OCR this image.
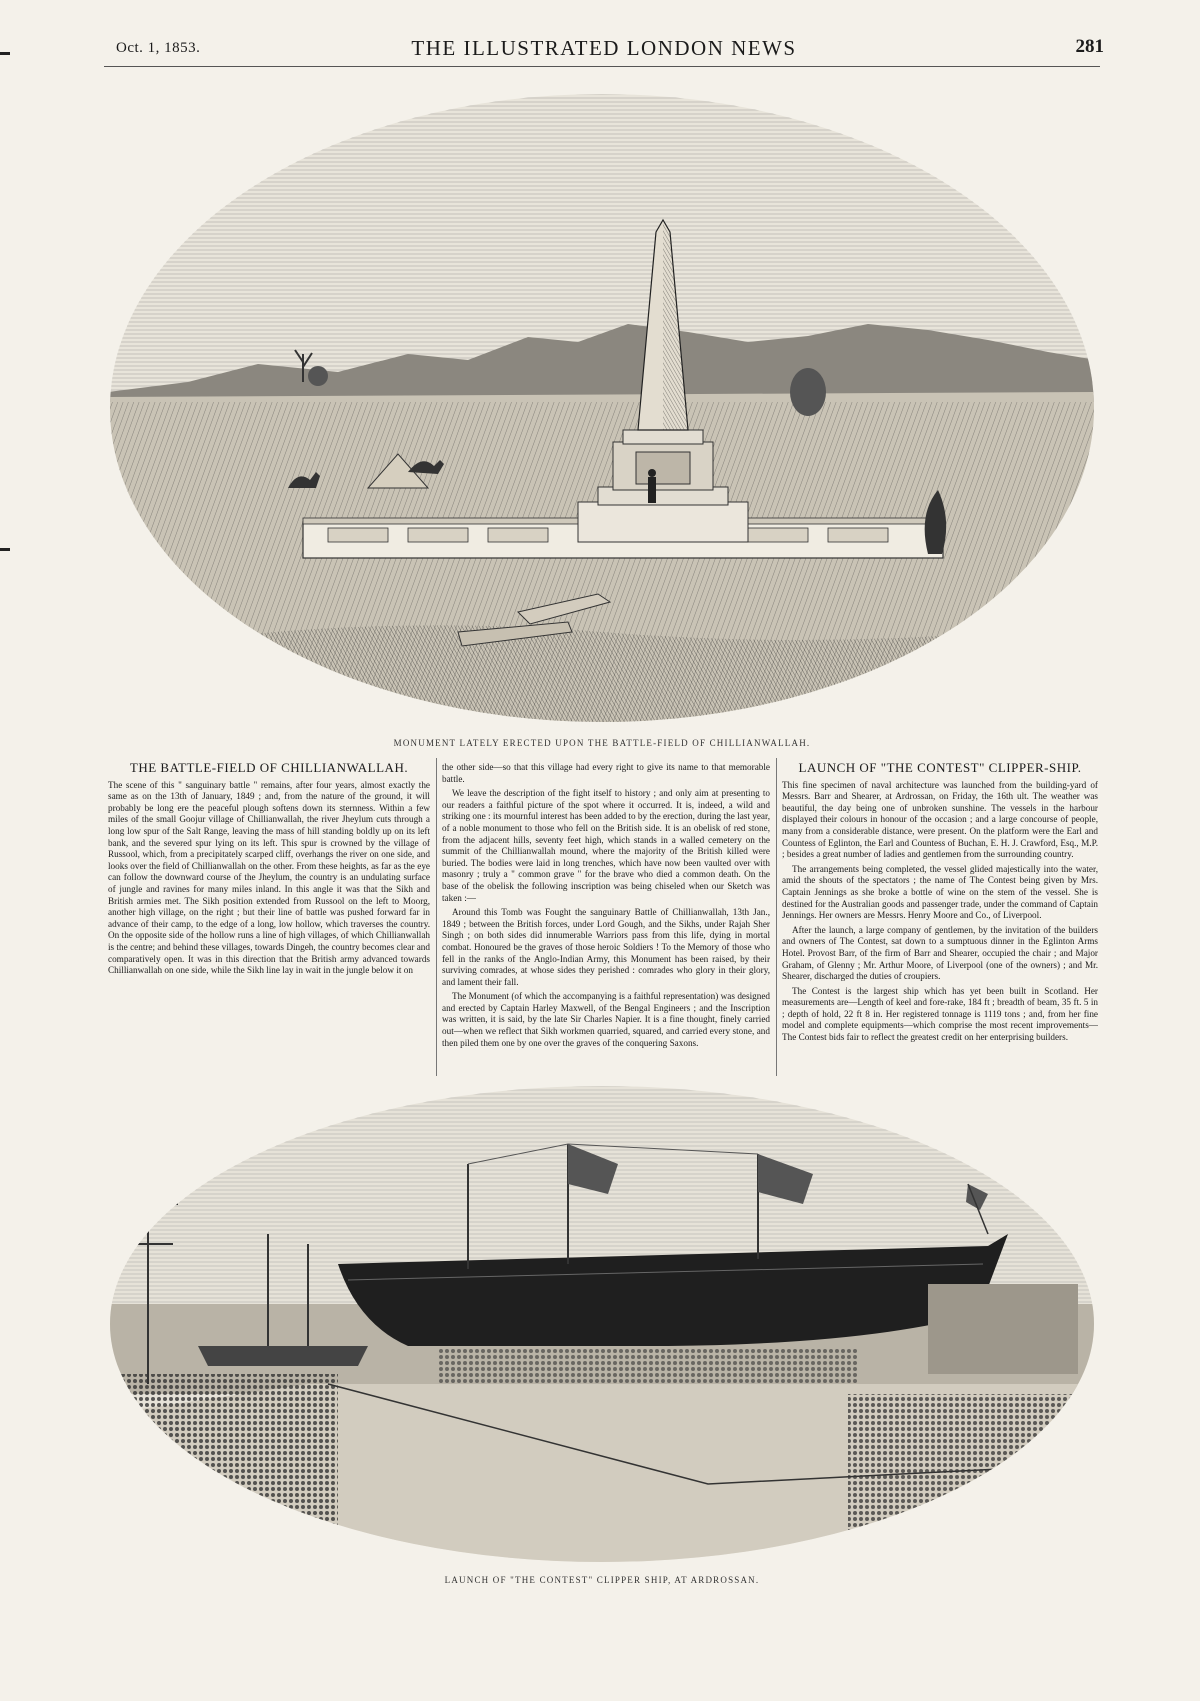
Oct. 1, 1853.	THE ILLUSTRATED LONDON NEWS	281
MONUMENT LATELY ERECTED UPON THE BATTLE-FIELD OF CHILLIANWALLAH.
THE BATTLE-FIELD OF CHILLIANWALLAH.

The scene of this " sanguinary battle " remains, after four years, almost exactly the same as on the 13th of January, 1849 ; and, from the nature of the ground, it will probably be long ere the peaceful plough softens down its sternness. Within a few miles of the small Goojur village of Chillianwallah, the river Jheylum cuts through a long low spur of the Salt Range, leaving the mass of hill standing boldly up on its left bank, and the severed spur lying on its left. This spur is crowned by the village of Russool, which, from a precipitately scarped cliff, overhangs the river on one side, and looks over the field of Chillianwallah on the other. From these heights, as far as the eye can follow the downward course of the Jheylum, the country is an undulating surface of jungle and ravines for many miles inland. In this angle it was that the Sikh and British armies met. The Sikh position extended from Russool on the left to Moorg, another high village, on the right ; but their line of battle was pushed forward far in advance of their camp, to the edge of a long, low hollow, which traverses the country. On the opposite side of the hollow runs a line of high villages, of which Chillianwallah is the centre; and behind these villages, towards Dingeh, the country becomes clear and comparatively open. It was in this direction that the British army advanced towards Chillianwallah on one side, while the Sikh line lay in wait in the jungle below it on

the other side—so that this village had every right to give its name to that memorable battle.

We leave the description of the fight itself to history ; and only aim at presenting to our readers a faithful picture of the spot where it occurred. It is, indeed, a wild and striking one : its mournful interest has been added to by the erection, during the last year, of a noble monument to those who fell on the British side. It is an obelisk of red stone, from the adjacent hills, seventy feet high, which stands in a walled cemetery on the summit of the Chillianwallah mound, where the majority of the British killed were buried. The bodies were laid in long trenches, which have now been vaulted over with masonry ; truly a " common grave " for the brave who died a common death. On the base of the obelisk the following inscription was being chiseled when our Sketch was taken :—

Around this Tomb was Fought the sanguinary Battle of Chillianwallah, 13th Jan., 1849 ; between the British forces, under Lord Gough, and the Sikhs, under Rajah Sher Singh ; on both sides did innumerable Warriors pass from this life, dying in mortal combat. Honoured be the graves of those heroic Soldiers ! To the Memory of those who fell in the ranks of the Anglo-Indian Army, this Monument has been raised, by their surviving comrades, at whose sides they perished : comrades who glory in their glory, and lament their fall.

The Monument (of which the accompanying is a faithful representation) was designed and erected by Captain Harley Maxwell, of the Bengal Engineers ; and the Inscription was written, it is said, by the late Sir Charles Napier. It is a fine thought, finely carried out—when we reflect that Sikh workmen quarried, squared, and carried every stone, and then piled them one by one over the graves of the conquering Saxons.

LAUNCH OF "THE CONTEST" CLIPPER-SHIP.

This fine specimen of naval architecture was launched from the building-yard of Messrs. Barr and Shearer, at Ardrossan, on Friday, the 16th ult. The weather was beautiful, the day being one of unbroken sunshine. The vessels in the harbour displayed their colours in honour of the occasion ; and a large concourse of people, many from a considerable distance, were present. On the platform were the Earl and Countess of Eglinton, the Earl and Countess of Buchan, E. H. J. Crawford, Esq., M.P. ; besides a great number of ladies and gentlemen from the surrounding country.

The arrangements being completed, the vessel glided majestically into the water, amid the shouts of the spectators ; the name of The Contest being given by Mrs. Captain Jennings as she broke a bottle of wine on the stem of the vessel. She is destined for the Australian goods and passenger trade, under the command of Captain Jennings. Her owners are Messrs. Henry Moore and Co., of Liverpool.

After the launch, a large company of gentlemen, by the invitation of the builders and owners of The Contest, sat down to a sumptuous dinner in the Eglinton Arms Hotel. Provost Barr, of the firm of Barr and Shearer, occupied the chair ; and Major Graham, of Glenny ; Mr. Arthur Moore, of Liverpool (one of the owners) ; and Mr. Shearer, discharged the duties of croupiers.

The Contest is the largest ship which has yet been built in Scotland. Her measurements are—Length of keel and fore-rake, 184 ft ; breadth of beam, 35 ft. 5 in ; depth of hold, 22 ft 8 in. Her registered tonnage is 1119 tons ; and, from her fine model and complete equipments—which comprise the most recent improvements—The Contest bids fair to reflect the greatest credit on her enterprising builders.

LAUNCH OF "THE CONTEST" CLIPPER SHIP, AT ARDROSSAN.
